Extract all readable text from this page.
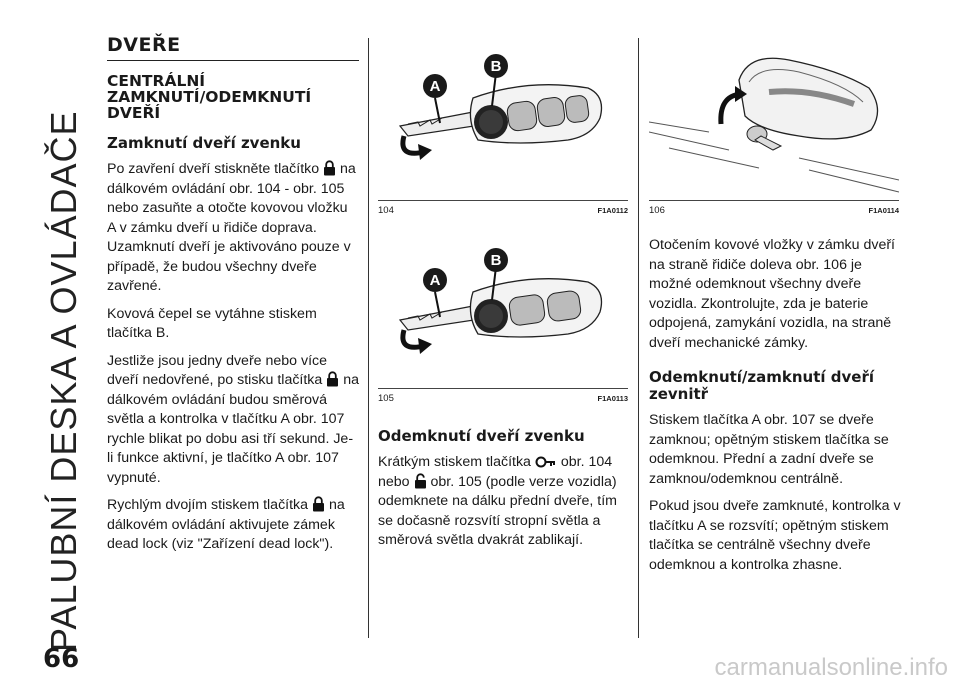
PALUBNÍ DESKA A OVLÁDAČE
DVEŘE
CENTRÁLNÍ ZAMKNUTÍ/ODEMKNUTÍ DVEŘÍ
Zamknutí dveří zvenku

Po zavření dveří stiskněte tlačítko na dálkovém ovládání obr. 104 - obr. 105 nebo zasuňte a otočte kovovou vložku A v zámku dveří u řidiče doprava. Uzamknutí dveří je aktivováno pouze v případě, že budou všechny dveře zavřené.

Kovová čepel se vytáhne stiskem tlačítka B.

Jestliže jsou jedny dveře nebo více dveří nedovřené, po stisku tlačítka na dálkovém ovládání budou směrová světla a kontrolka v tlačítku A obr. 107 rychle blikat po dobu asi tří sekund. Je-li funkce aktivní, je tlačítko A obr. 107 vypnuté.

Rychlým dvojím stiskem tlačítka na dálkovém ovládání aktivujete zámek dead lock (viz "Zařízení dead lock").

A
B
104	F1A0112
A
B
105	F1A0113
Odemknutí dveří zvenku

Krátkým stiskem tlačítka obr. 104
nebo obr. 105 (podle verze vozidla) odemknete na dálku přední dveře, tím se dočasně rozsvítí stropní světla a směrová světla dvakrát zablikají.

106	F1A0114

Otočením kovové vložky v zámku dveří na straně řidiče doleva obr. 106 je možné odemknout všechny dveře vozidla. Zkontrolujte, zda je baterie odpojená, zamykání vozidla, na straně dveří mechanické zámky.

Odemknutí/zamknutí dveří zevnitř

Stiskem tlačítka A obr. 107 se dveře zamknou; opětným stiskem tlačítka se odemknou. Přední a zadní dveře se zamknou/odemknou centrálně.

Pokud jsou dveře zamknuté, kontrolka v tlačítku A se rozsvítí; opětným stiskem tlačítka se centrálně všechny dveře odemknou a kontrolka zhasne.

66	carmanualsonline.info
